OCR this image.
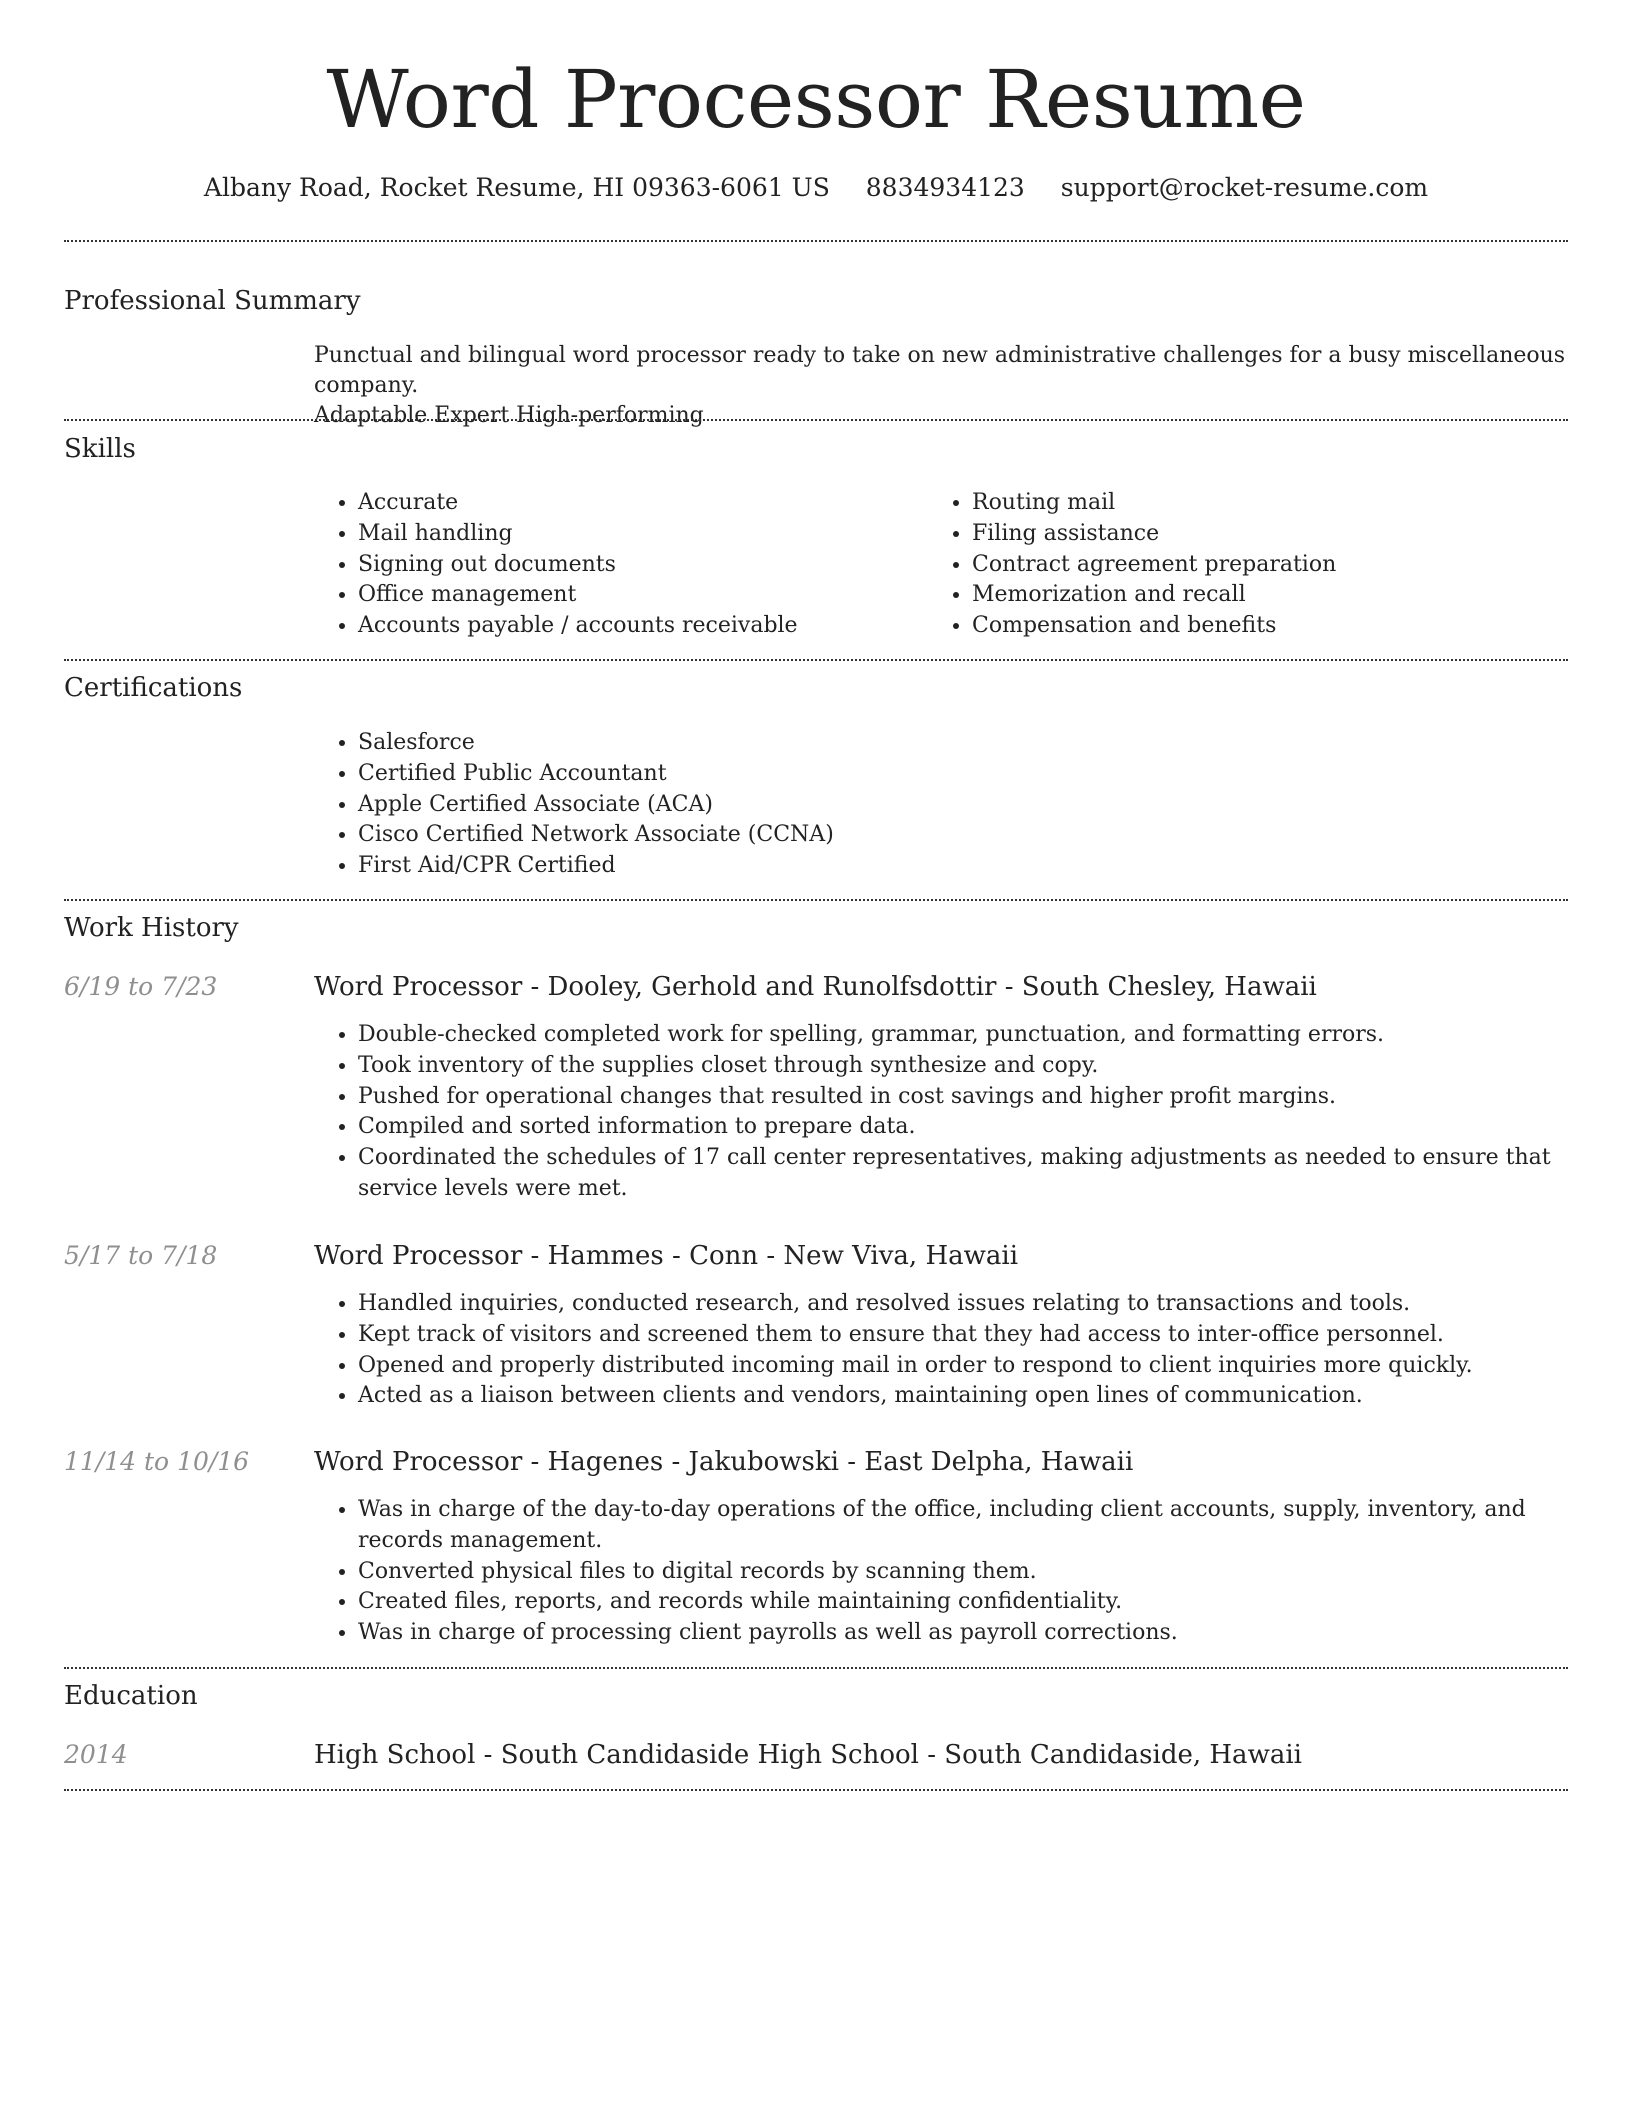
Word Processor Resume
Albany Road, Rocket Resume, HI 09363-6061 US 8834934123 support@rocket-resume.com
Professional Summary
Punctual and bilingual word processor ready to take on new administrative challenges for a busy miscellaneous company.
Adaptable Expert High-performing
Skills
• Accurate
• Mail handling
• Signing out documents
• Office management
• Accounts payable / accounts receivable
• Routing mail
• Filing assistance
• Contract agreement preparation
• Memorization and recall
• Compensation and benefits
Certifications
• Salesforce
• Certified Public Accountant
• Apple Certified Associate (ACA)
• Cisco Certified Network Associate (CCNA)
• First Aid/CPR Certified
Work History
6/19 to 7/23	Word Processor - Dooley, Gerhold and Runolfsdottir - South Chesley, Hawaii
• Double-checked completed work for spelling, grammar, punctuation, and formatting errors.
• Took inventory of the supplies closet through synthesize and copy.
• Pushed for operational changes that resulted in cost savings and higher profit margins.
• Compiled and sorted information to prepare data.
• Coordinated the schedules of 17 call center representatives, making adjustments as needed to ensure that service levels were met.
5/17 to 7/18	Word Processor - Hammes - Conn - New Viva, Hawaii
• Handled inquiries, conducted research, and resolved issues relating to transactions and tools.
• Kept track of visitors and screened them to ensure that they had access to inter-office personnel.
• Opened and properly distributed incoming mail in order to respond to client inquiries more quickly.
• Acted as a liaison between clients and vendors, maintaining open lines of communication.
11/14 to 10/16 Word Processor - Hagenes - Jakubowski - East Delpha, Hawaii
• Was in charge of the day-to-day operations of the office, including client accounts, supply, inventory, and records management.
• Converted physical files to digital records by scanning them.
• Created files, reports, and records while maintaining confidentiality.
• Was in charge of processing client payrolls as well as payroll corrections.
Education
2014	High School - South Candidaside High School - South Candidaside, Hawaii
